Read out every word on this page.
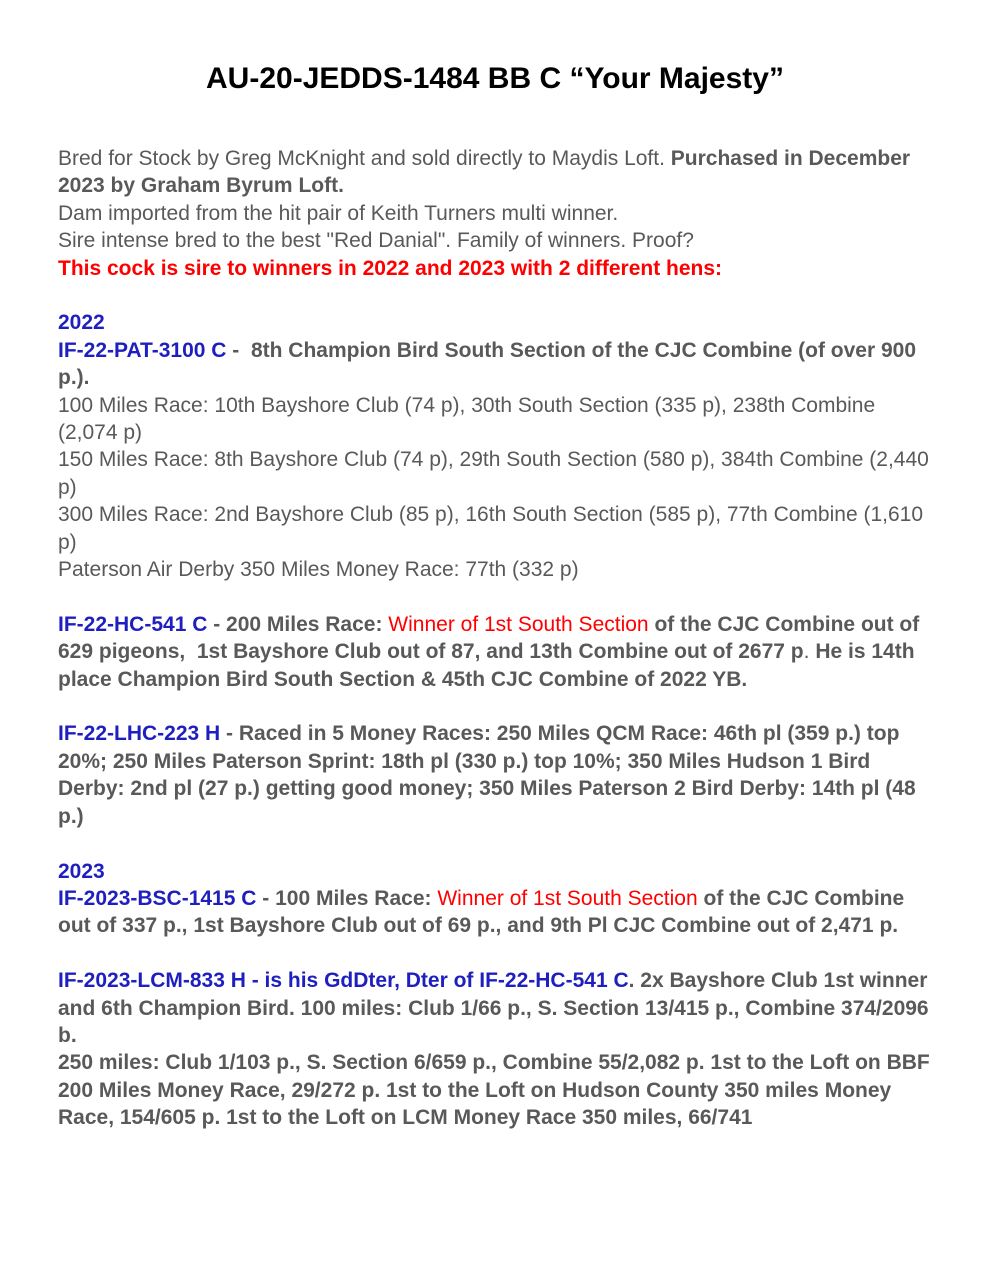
AU-20-JEDDS-1484 BB C “Your Majesty”

Bred for Stock by Greg McKnight and sold directly to Maydis Loft. Purchased in December 2023 by Graham Byrum Loft.

Dam imported from the hit pair of Keith Turners multi winner.

Sire intense bred to the best "Red Danial". Family of winners. Proof?

This cock is sire to winners in 2022 and 2023 with 2 different hens:

2022

IF-22-PAT-3100 C -  8th Champion Bird South Section of the CJC Combine (of over 900 p.).

100 Miles Race: 10th Bayshore Club (74 p), 30th South Section (335 p), 238th Combine (2,074 p)

150 Miles Race: 8th Bayshore Club (74 p), 29th South Section (580 p), 384th Combine (2,440 p)

300 Miles Race: 2nd Bayshore Club (85 p), 16th South Section (585 p), 77th Combine (1,610 p)

Paterson Air Derby 350 Miles Money Race: 77th (332 p)

IF-22-HC-541 C - 200 Miles Race: Winner of 1st South Section of the CJC Combine out of 629 pigeons,  1st Bayshore Club out of 87, and 13th Combine out of 2677 p. He is 14th place Champion Bird South Section & 45th CJC Combine of 2022 YB.

IF-22-LHC-223 H - Raced in 5 Money Races: 250 Miles QCM Race: 46th pl (359 p.) top 20%; 250 Miles Paterson Sprint: 18th pl (330 p.) top 10%; 350 Miles Hudson 1 Bird Derby: 2nd pl (27 p.) getting good money; 350 Miles Paterson 2 Bird Derby: 14th pl (48 p.)

2023

IF-2023-BSC-1415 C - 100 Miles Race: Winner of 1st South Section of the CJC Combine out of 337 p., 1st Bayshore Club out of 69 p., and 9th Pl CJC Combine out of 2,471 p.

IF-2023-LCM-833 H - is his GdDter, Dter of IF-22-HC-541 C. 2x Bayshore Club 1st winner and 6th Champion Bird. 100 miles: Club 1/66 p., S. Section 13/415 p., Combine 374/2096 b.

250 miles: Club 1/103 p., S. Section 6/659 p., Combine 55/2,082 p. 1st to the Loft on BBF 200 Miles Money Race, 29/272 p. 1st to the Loft on Hudson County 350 miles Money Race, 154/605 p. 1st to the Loft on LCM Money Race 350 miles, 66/741
